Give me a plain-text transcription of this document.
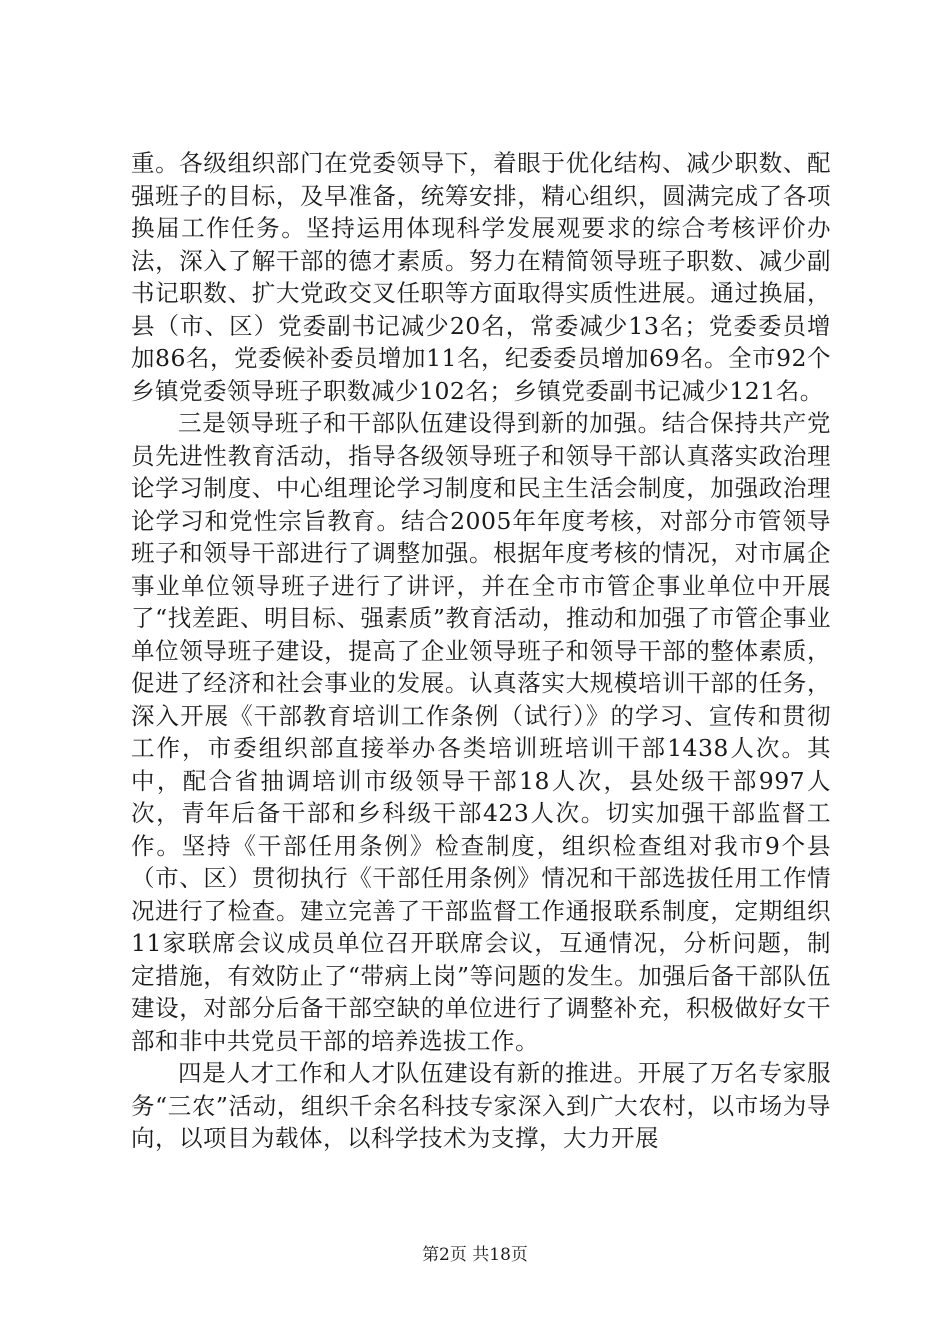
重。各级组织部门在党委领导下，着眼于优化结构、减少职数、配强班子的目标，及早准备，统筹安排，精心组织，圆满完成了各项换届工作任务。坚持运用体现科学发展观要求的综合考核评价办法，深入了解干部的德才素质。努力在精简领导班子职数、减少副书记职数、扩大党政交叉任职等方面取得实质性进展。通过换届，县（市、区）党委副书记减少20名，常委减少13名；党委委员增加86名，党委候补委员增加11名，纪委委员增加69名。全市92个乡镇党委领导班子职数减少102名；乡镇党委副书记减少121名。

三是领导班子和干部队伍建设得到新的加强。结合保持共产党员先进性教育活动，指导各级领导班子和领导干部认真落实政治理论学习制度、中心组理论学习制度和民主生活会制度，加强政治理论学习和党性宗旨教育。结合2005年年度考核，对部分市管领导班子和领导干部进行了调整加强。根据年度考核的情况，对市属企事业单位领导班子进行了讲评，并在全市市管企事业单位中开展了“找差距、明目标、强素质”教育活动，推动和加强了市管企事业单位领导班子建设，提高了企业领导班子和领导干部的整体素质，促进了经济和社会事业的发展。认真落实大规模培训干部的任务，深入开展《干部教育培训工作条例（试行）》的学习、宣传和贯彻工作，市委组织部直接举办各类培训班培训干部1438人次。其中，配合省抽调培训市级领导干部18人次，县处级干部997人次，青年后备干部和乡科级干部423人次。切实加强干部监督工作。坚持《干部任用条例》检查制度，组织检查组对我市9个县（市、区）贯彻执行《干部任用条例》情况和干部选拔任用工作情况进行了检查。建立完善了干部监督工作通报联系制度，定期组织11家联席会议成员单位召开联席会议，互通情况，分析问题，制定措施，有效防止了“带病上岗”等问题的发生。加强后备干部队伍建设，对部分后备干部空缺的单位进行了调整补充，积极做好女干部和非中共党员干部的培养选拔工作。

四是人才工作和人才队伍建设有新的推进。开展了万名专家服务“三农”活动，组织千余名科技专家深入到广大农村，以市场为导向，以项目为载体，以科学技术为支撑，大力开展

第2页 共18页
